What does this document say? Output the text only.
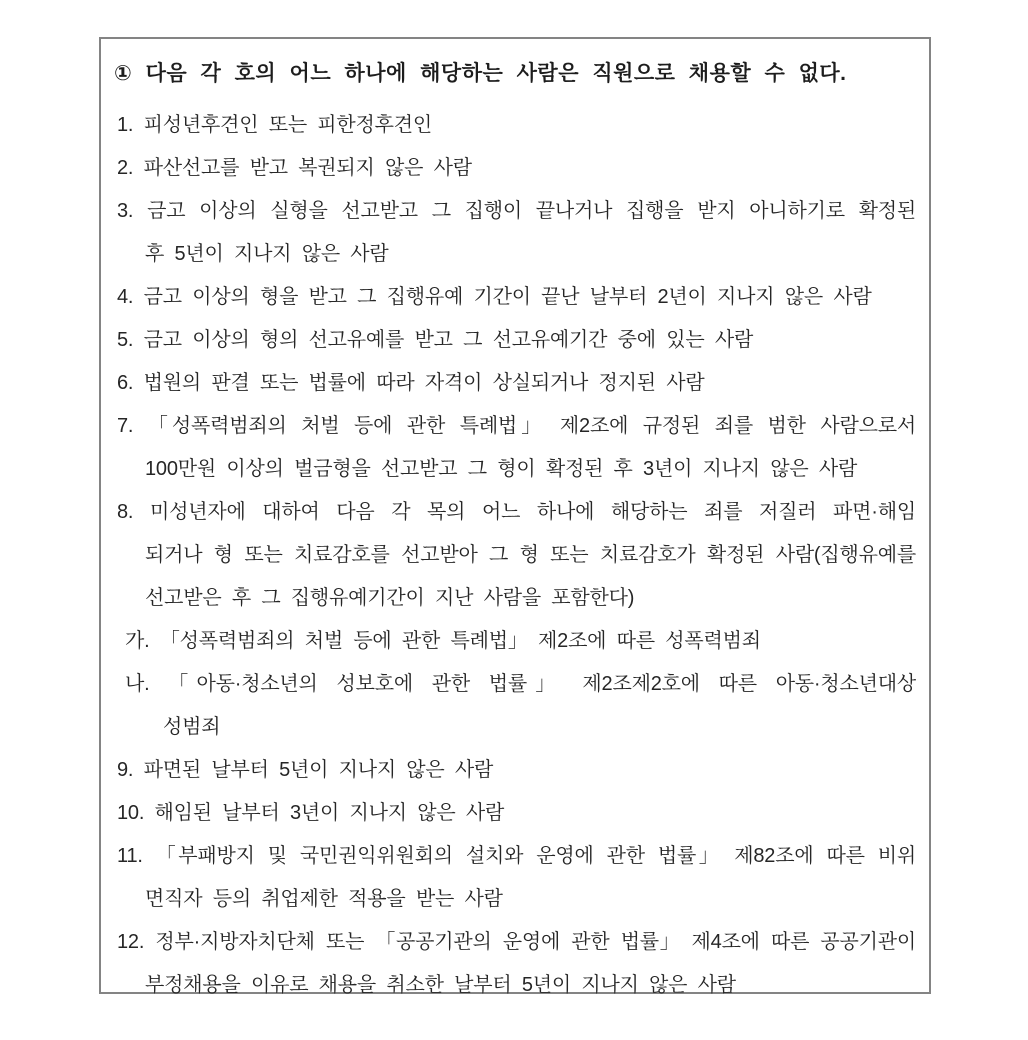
① 다음 각 호의 어느 하나에 해당하는 사람은 직원으로 채용할 수 없다.
1. 피성년후견인 또는 피한정후견인
2. 파산선고를 받고 복권되지 않은 사람
3. 금고 이상의 실형을 선고받고 그 집행이 끝나거나 집행을 받지 아니하기로 확정된
후 5년이 지나지 않은 사람
4. 금고 이상의 형을 받고 그 집행유예 기간이 끝난 날부터 2년이 지나지 않은 사람
5. 금고 이상의 형의 선고유예를 받고 그 선고유예기간 중에 있는 사람
6. 법원의 판결 또는 법률에 따라 자격이 상실되거나 정지된 사람
7. 「성폭력범죄의 처벌 등에 관한 특례법」 제2조에 규정된 죄를 범한 사람으로서
100만원 이상의 벌금형을 선고받고 그 형이 확정된 후 3년이 지나지 않은 사람
8. 미성년자에 대하여 다음 각 목의 어느 하나에 해당하는 죄를 저질러 파면·해임
되거나 형 또는 치료감호를 선고받아 그 형 또는 치료감호가 확정된 사람(집행유예를
선고받은 후 그 집행유예기간이 지난 사람을 포함한다)
가. 「성폭력범죄의 처벌 등에 관한 특례법」 제2조에 따른 성폭력범죄
나. 「아동·청소년의 성보호에 관한 법률」 제2조제2호에 따른 아동·청소년대상
성범죄
9. 파면된 날부터 5년이 지나지 않은 사람
10. 해임된 날부터 3년이 지나지 않은 사람
11. 「부패방지 및 국민권익위원회의 설치와 운영에 관한 법률」 제82조에 따른 비위
면직자 등의 취업제한 적용을 받는 사람
12. 정부·지방자치단체 또는 「공공기관의 운영에 관한 법률」 제4조에 따른 공공기관이
부정채용을 이유로 채용을 취소한 날부터 5년이 지나지 않은 사람
